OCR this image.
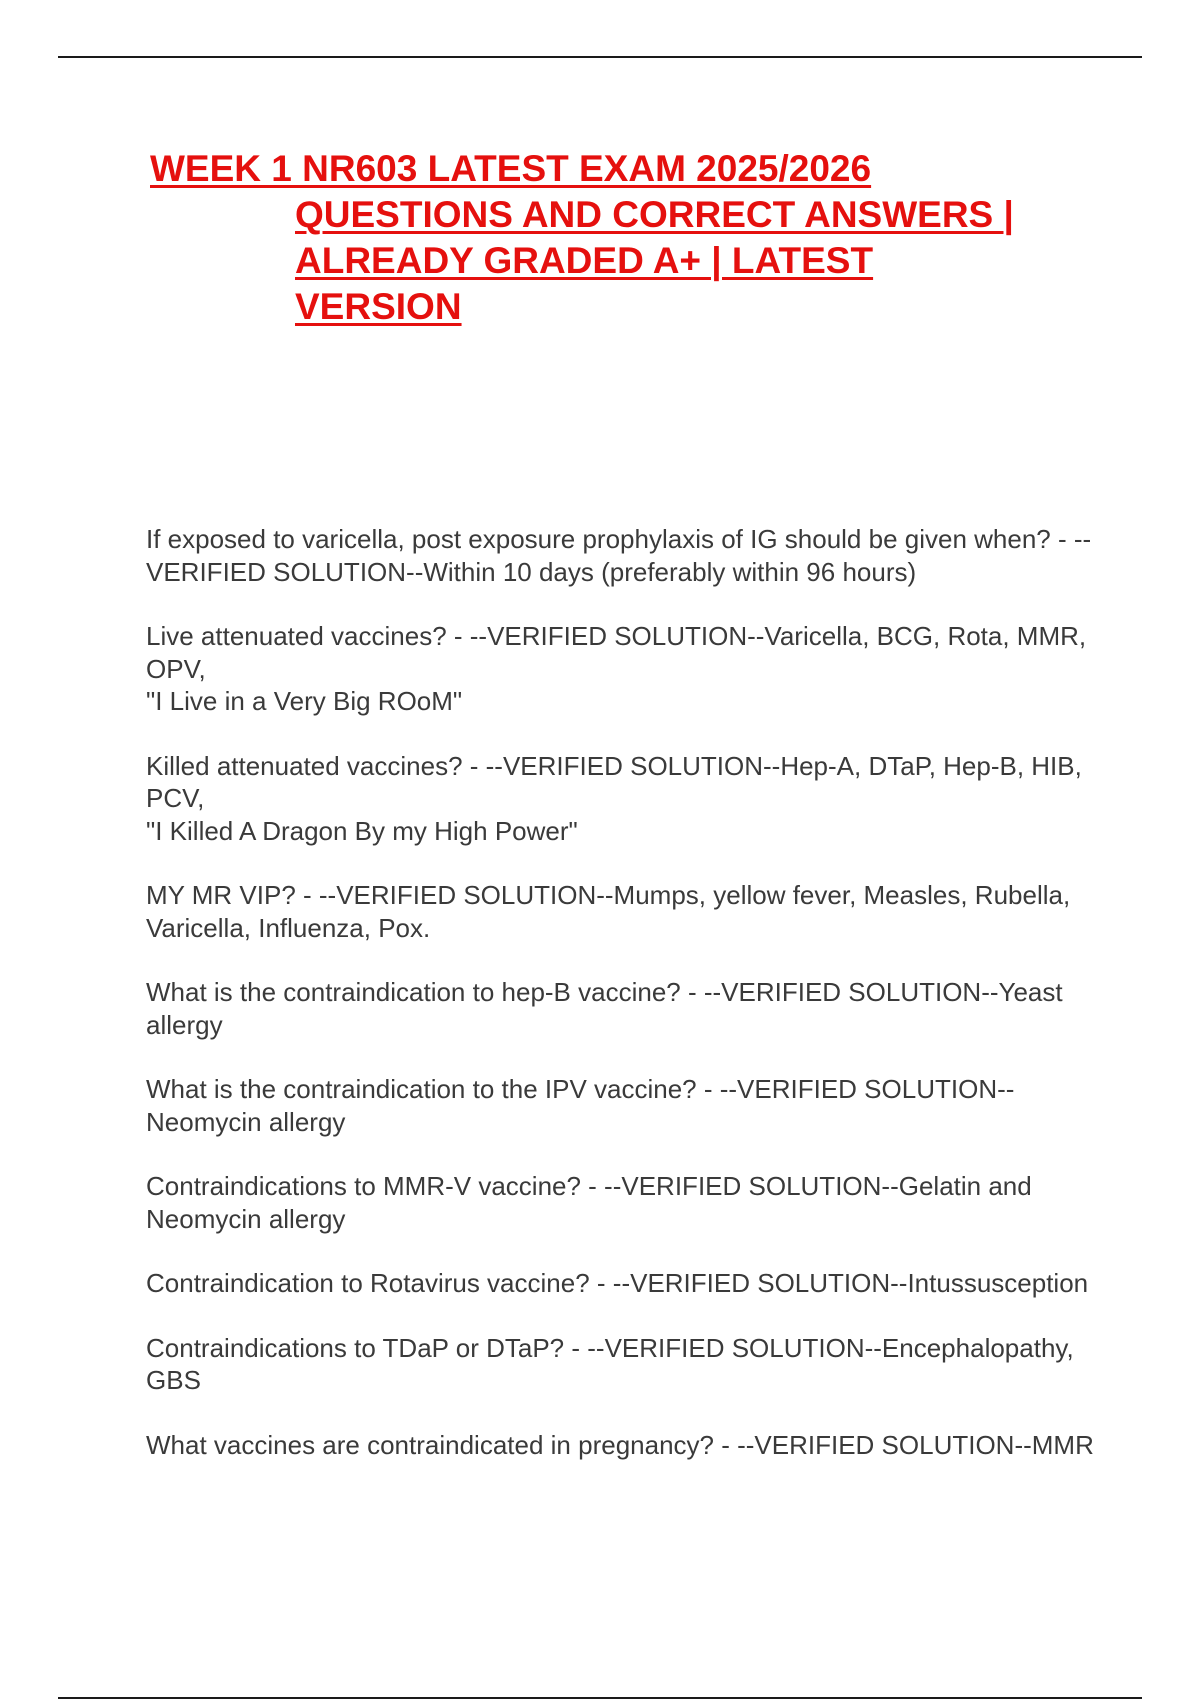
WEEK 1 NR603 LATEST EXAM 2025/2026
QUESTIONS AND CORRECT ANSWERS |
ALREADY GRADED A+ | LATEST
VERSION
If exposed to varicella, post exposure prophylaxis of IG should be given when? - --VERIFIED SOLUTION--Within 10 days (preferably within 96 hours)
Live attenuated vaccines? - --VERIFIED SOLUTION--Varicella, BCG, Rota, MMR, OPV,
"I Live in a Very Big ROoM"
Killed attenuated vaccines? - --VERIFIED SOLUTION--Hep-A, DTaP, Hep-B, HIB, PCV,
"I Killed A Dragon By my High Power"
MY MR VIP? - --VERIFIED SOLUTION--Mumps, yellow fever, Measles, Rubella, Varicella, Influenza, Pox.
What is the contraindication to hep-B vaccine? - --VERIFIED SOLUTION--Yeast allergy
What is the contraindication to the IPV vaccine? - --VERIFIED SOLUTION--Neomycin allergy
Contraindications to MMR-V vaccine? - --VERIFIED SOLUTION--Gelatin and Neomycin allergy
Contraindication to Rotavirus vaccine? - --VERIFIED SOLUTION--Intussusception
Contraindications to TDaP or DTaP? - --VERIFIED SOLUTION--Encephalopathy, GBS
What vaccines are contraindicated in pregnancy? - --VERIFIED SOLUTION--MMR
